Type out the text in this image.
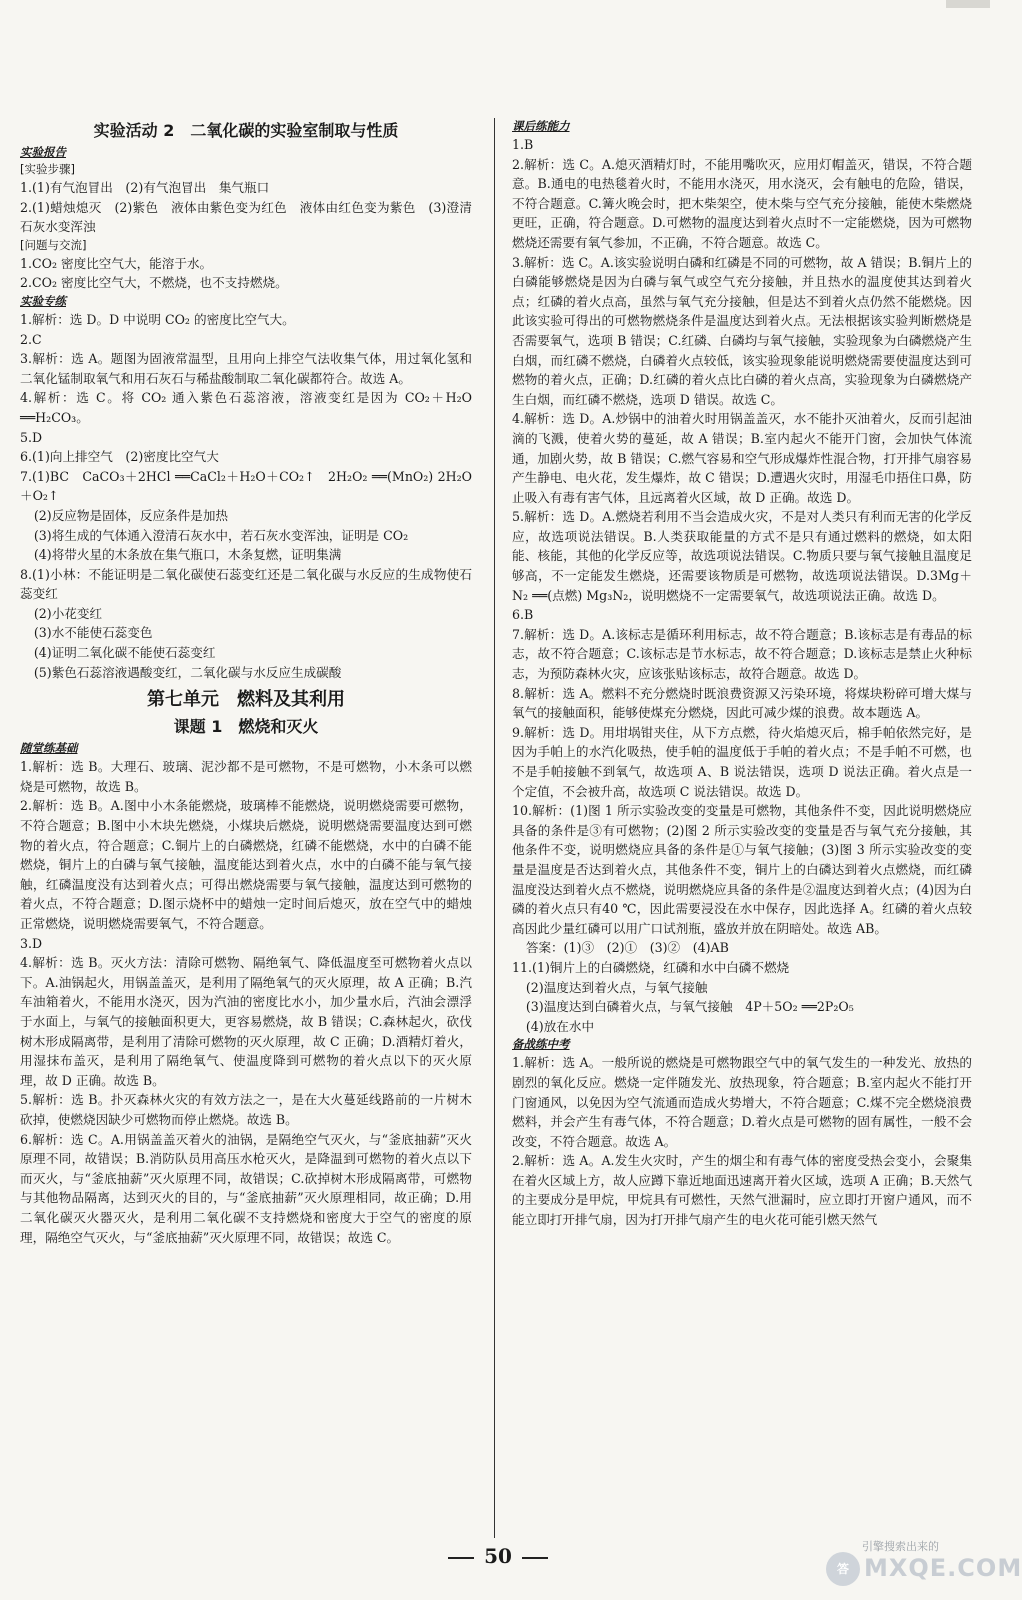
实验活动 2　二氧化碳的实验室制取与性质
实验报告
[实验步骤]
1.(1)有气泡冒出　(2)有气泡冒出　集气瓶口
2.(1)蜡烛熄灭　(2)紫色　液体由紫色变为红色　液体由红色变为紫色　(3)澄清石灰水变浑浊
[问题与交流]
1.CO₂ 密度比空气大，能溶于水。
2.CO₂ 密度比空气大，不燃烧，也不支持燃烧。
实验专练
1.解析：选 D。D 中说明 CO₂ 的密度比空气大。
2.C
3.解析：选 A。题图为固液常温型，且用向上排空气法收集气体，用过氧化氢和二氧化锰制取氧气和用石灰石与稀盐酸制取二氧化碳都符合。故选 A。
4.解析：选 C。将 CO₂ 通入紫色石蕊溶液，溶液变红是因为 CO₂＋H₂O ══H₂CO₃。
5.D
6.(1)向上排空气　(2)密度比空气大
7.(1)BC　CaCO₃＋2HCl ══CaCl₂＋H₂O＋CO₂↑　2H₂O₂ ══(MnO₂) 2H₂O＋O₂↑
(2)反应物是固体，反应条件是加热
(3)将生成的气体通入澄清石灰水中，若石灰水变浑浊，证明是 CO₂
(4)将带火星的木条放在集气瓶口，木条复燃，证明集满
8.(1)小林：不能证明是二氧化碳使石蕊变红还是二氧化碳与水反应的生成物使石蕊变红
(2)小花变红
(3)水不能使石蕊变色
(4)证明二氧化碳不能使石蕊变红
(5)紫色石蕊溶液遇酸变红，二氧化碳与水反应生成碳酸
第七单元　燃料及其利用
课题 1　燃烧和灭火
随堂练基础
1.解析：选 B。大理石、玻璃、泥沙都不是可燃物，不是可燃物，小木条可以燃烧是可燃物，故选 B。
2.解析：选 B。A.图中小木条能燃烧，玻璃棒不能燃烧，说明燃烧需要可燃物，不符合题意；B.图中小木块先燃烧，小煤块后燃烧，说明燃烧需要温度达到可燃物的着火点，符合题意；C.铜片上的白磷燃烧，红磷不能燃烧，水中的白磷不能燃烧，铜片上的白磷与氧气接触，温度能达到着火点，水中的白磷不能与氧气接触，红磷温度没有达到着火点；可得出燃烧需要与氧气接触，温度达到可燃物的着火点，不符合题意；D.图示烧杯中的蜡烛一定时间后熄灭，放在空气中的蜡烛正常燃烧，说明燃烧需要氧气，不符合题意。
3.D
4.解析：选 B。灭火方法：清除可燃物、隔绝氧气、降低温度至可燃物着火点以下。A.油锅起火，用锅盖盖灭，是利用了隔绝氧气的灭火原理，故 A 正确；B.汽车油箱着火，不能用水浇灭，因为汽油的密度比水小，加少量水后，汽油会漂浮于水面上，与氧气的接触面积更大，更容易燃烧，故 B 错误；C.森林起火，砍伐树木形成隔离带，是利用了清除可燃物的灭火原理，故 C 正确；D.酒精灯着火，用湿抹布盖灭，是利用了隔绝氧气、使温度降到可燃物的着火点以下的灭火原理，故 D 正确。故选 B。
5.解析：选 B。扑灭森林火灾的有效方法之一，是在大火蔓延线路前的一片树木砍掉，使燃烧因缺少可燃物而停止燃烧。故选 B。
6.解析：选 C。A.用锅盖盖灭着火的油锅，是隔绝空气灭火，与“釜底抽薪”灭火原理不同，故错误；B.消防队员用高压水枪灭火，是降温到可燃物的着火点以下而灭火，与“釜底抽薪”灭火原理不同，故错误；C.砍掉树木形成隔离带，可燃物与其他物品隔离，达到灭火的目的，与“釜底抽薪”灭火原理相同，故正确；D.用二氧化碳灭火器灭火，是利用二氧化碳不支持燃烧和密度大于空气的密度的原理，隔绝空气灭火，与“釜底抽薪”灭火原理不同，故错误；故选 C。
课后练能力
1.B
2.解析：选 C。A.熄灭酒精灯时，不能用嘴吹灭，应用灯帽盖灭，错误，不符合题意。B.通电的电热毯着火时，不能用水浇灭，用水浇灭，会有触电的危险，错误，不符合题意。C.篝火晚会时，把木柴架空，使木柴与空气充分接触，能使木柴燃烧更旺，正确，符合题意。D.可燃物的温度达到着火点时不一定能燃烧，因为可燃物燃烧还需要有氧气参加，不正确，不符合题意。故选 C。
3.解析：选 C。A.该实验说明白磷和红磷是不同的可燃物，故 A 错误；B.铜片上的白磷能够燃烧是因为白磷与氧气或空气充分接触，并且热水的温度使其达到着火点；红磷的着火点高，虽然与氧气充分接触，但是达不到着火点仍然不能燃烧。因此该实验可得出的可燃物燃烧条件是温度达到着火点。无法根据该实验判断燃烧是否需要氧气，选项 B 错误；C.红磷、白磷均与氧气接触，实验现象为白磷燃烧产生白烟，而红磷不燃烧，白磷着火点较低，该实验现象能说明燃烧需要使温度达到可燃物的着火点，正确；D.红磷的着火点比白磷的着火点高，实验现象为白磷燃烧产生白烟，而红磷不燃烧，选项 D 错误。故选 C。
4.解析：选 D。A.炒锅中的油着火时用锅盖盖灭，水不能扑灭油着火，反而引起油滴的飞溅，使着火势的蔓延，故 A 错误；B.室内起火不能开门窗，会加快气体流通，加剧火势，故 B 错误；C.燃气容易和空气形成爆炸性混合物，打开排气扇容易产生静电、电火花，发生爆炸，故 C 错误；D.遭遇火灾时，用湿毛巾捂住口鼻，防止吸入有毒有害气体，且远离着火区域，故 D 正确。故选 D。
5.解析：选 D。A.燃烧若利用不当会造成火灾，不是对人类只有利而无害的化学反应，故选项说法错误。B.人类获取能量的方式不是只有通过燃料的燃烧，如太阳能、核能，其他的化学反应等，故选项说法错误。C.物质只要与氧气接触且温度足够高，不一定能发生燃烧，还需要该物质是可燃物，故选项说法错误。D.3Mg＋N₂ ══(点燃) Mg₃N₂，说明燃烧不一定需要氧气，故选项说法正确。故选 D。
6.B
7.解析：选 D。A.该标志是循环利用标志，故不符合题意；B.该标志是有毒品的标志，故不符合题意；C.该标志是节水标志，故不符合题意；D.该标志是禁止火种标志，为预防森林火灾，应该张贴该标志，故符合题意。故选 D。
8.解析：选 A。燃料不充分燃烧时既浪费资源又污染环境，将煤块粉碎可增大煤与氧气的接触面积，能够使煤充分燃烧，因此可减少煤的浪费。故本题选 A。
9.解析：选 D。用坩埚钳夹住，从下方点燃，待火焰熄灭后，棉手帕依然完好，是因为手帕上的水汽化吸热，使手帕的温度低于手帕的着火点；不是手帕不可燃，也不是手帕接触不到氧气，故选项 A、B 说法错误，选项 D 说法正确。着火点是一个定值，不会被升高，故选项 C 说法错误。故选 D。
10.解析：(1)图 1 所示实验改变的变量是可燃物，其他条件不变，因此说明燃烧应具备的条件是③有可燃物；(2)图 2 所示实验改变的变量是否与氧气充分接触，其他条件不变，说明燃烧应具备的条件是①与氧气接触；(3)图 3 所示实验改变的变量是温度是否达到着火点，其他条件不变，铜片上的白磷达到着火点燃烧，而红磷温度没达到着火点不燃烧，说明燃烧应具备的条件是②温度达到着火点；(4)因为白磷的着火点只有40 ℃，因此需要浸没在水中保存，因此选择 A。红磷的着火点较高因此少量红磷可以用广口试剂瓶，盛放并放在阴暗处。故选 AB。
答案：(1)③　(2)①　(3)②　(4)AB
11.(1)铜片上的白磷燃烧，红磷和水中白磷不燃烧
(2)温度达到着火点，与氧气接触
(3)温度达到白磷着火点，与氧气接触　4P＋5O₂ ══2P₂O₅
(4)放在水中
备战练中考
1.解析：选 A。一般所说的燃烧是可燃物跟空气中的氧气发生的一种发光、放热的剧烈的氧化反应。燃烧一定伴随发光、放热现象，符合题意；B.室内起火不能打开门窗通风，以免因为空气流通而造成火势增大，不符合题意；C.煤不完全燃烧浪费燃料，并会产生有毒气体，不符合题意；D.着火点是可燃物的固有属性，一般不会改变，不符合题意。故选 A。
2.解析：选 A。A.发生火灾时，产生的烟尘和有毒气体的密度受热会变小，会聚集在着火区域上方，故人应蹲下靠近地面迅速离开着火区域，选项 A 正确；B.天然气的主要成分是甲烷，甲烷具有可燃性，天然气泄漏时，应立即打开窗户通风，而不能立即打开排气扇，因为打开排气扇产生的电火花可能引燃天然气
50	引擎搜索出来的
答 MXQE.COM
